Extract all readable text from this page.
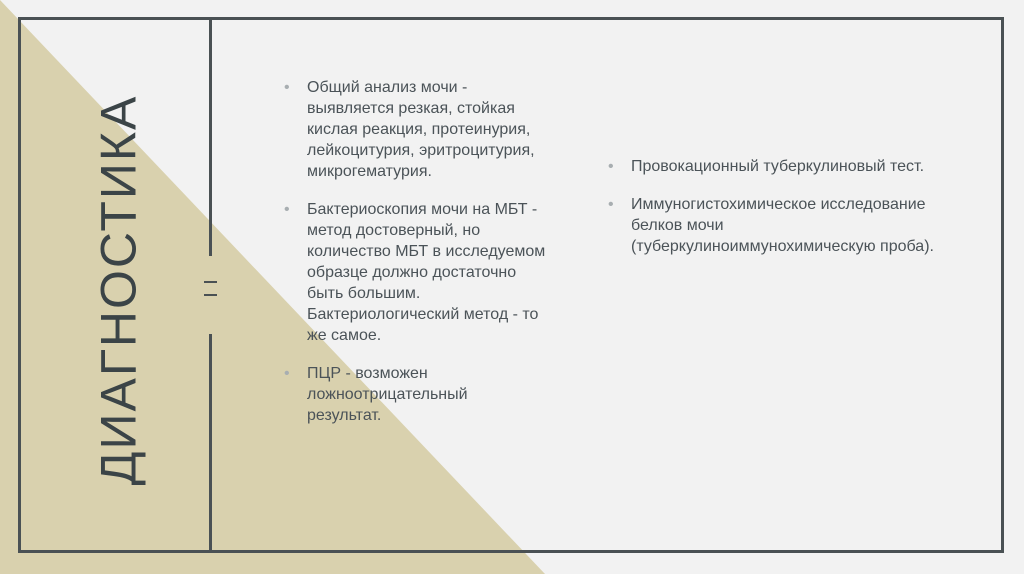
ДИАГНОСТИКА
• Общий анализ мочи - выявляется резкая, стойкая кислая реакция, протеинурия, лейкоцитурия, эритроцитурия, микрогематурия.
• Бактериоскопия мочи на МБТ - метод достоверный, но количество МБТ в исследуемом образце должно достаточно быть большим. Бактериологический метод - то же самое.
• ПЦР - возможен ложноотрицательный результат.
• Провокационный туберкулиновый тест.
• Иммуногистохимическое исследование белков мочи (туберкулиноиммунохимическую проба).
